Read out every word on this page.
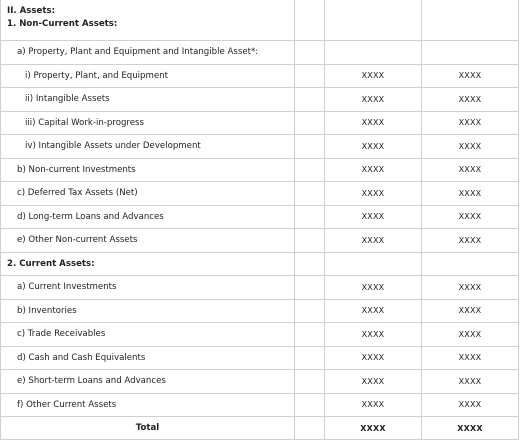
II. Assets:
1. Non-Current Assets:			

a) Property, Plant and Equipment and Intangible Asset*:			
i) Property, Plant, and Equipment		XXXX	XXXX
ii) Intangible Assets		XXXX	XXXX
iii) Capital Work-in-progress		XXXX	XXXX
iv) Intangible Assets under Development		XXXX	XXXX
b) Non-current Investments		XXXX	XXXX
c) Deferred Tax Assets (Net)		XXXX	XXXX
d) Long-term Loans and Advances		XXXX	XXXX
e) Other Non-current Assets		XXXX	XXXX
2. Current Assets:			
a) Current Investments		XXXX	XXXX
b) Inventories		XXXX	XXXX
c) Trade Receivables		XXXX	XXXX
d) Cash and Cash Equivalents		XXXX	XXXX
e) Short-term Loans and Advances		XXXX	XXXX
f) Other Current Assets		XXXX	XXXX
Total		XXXX	XXXX
